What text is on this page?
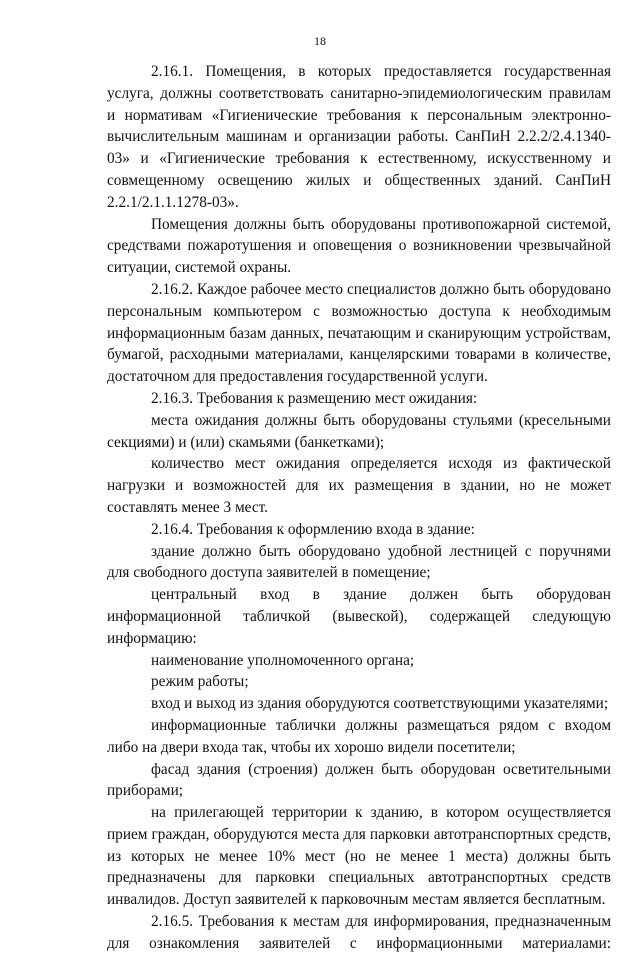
18

2.16.1. Помещения, в которых предоставляется государственная услуга, должны соответствовать санитарно-эпидемиологическим правилам и нормативам «Гигиенические требования к персональным электронно-вычислительным машинам и организации работы. СанПиН 2.2.2/2.4.1340-03» и «Гигиенические требования к естественному, искусственному и совмещенному освещению жилых и общественных зданий. СанПиН 2.2.1/2.1.1.1278-03».

Помещения должны быть оборудованы противопожарной системой, средствами пожаротушения и оповещения о возникновении чрезвычайной ситуации, системой охраны.

2.16.2. Каждое рабочее место специалистов должно быть оборудовано персональным компьютером с возможностью доступа к необходимым информационным базам данных, печатающим и сканирующим устройствам, бумагой, расходными материалами, канцелярскими товарами в количестве, достаточном для предоставления государственной услуги.

2.16.3. Требования к размещению мест ожидания:

места ожидания должны быть оборудованы стульями (кресельными секциями) и (или) скамьями (банкетками);

количество мест ожидания определяется исходя из фактической нагрузки и возможностей для их размещения в здании, но не может составлять менее 3 мест.

2.16.4. Требования к оформлению входа в здание:

здание должно быть оборудовано удобной лестницей с поручнями для свободного доступа заявителей в помещение;

центральный вход в здание должен быть оборудован информационной табличкой (вывеской), содержащей следующую информацию:

наименование уполномоченного органа;

режим работы;

вход и выход из здания оборудуются соответствующими указателями;

информационные таблички должны размещаться рядом с входом либо на двери входа так, чтобы их хорошо видели посетители;

фасад здания (строения) должен быть оборудован осветительными приборами;

на прилегающей территории к зданию, в котором осуществляется прием граждан, оборудуются места для парковки автотранспортных средств, из которых не менее 10% мест (но не менее 1 места) должны быть предназначены для парковки специальных автотранспортных средств инвалидов. Доступ заявителей к парковочным местам является бесплатным.

2.16.5. Требования к местам для информирования, предназначенным для ознакомления заявителей с информационными материалами:
